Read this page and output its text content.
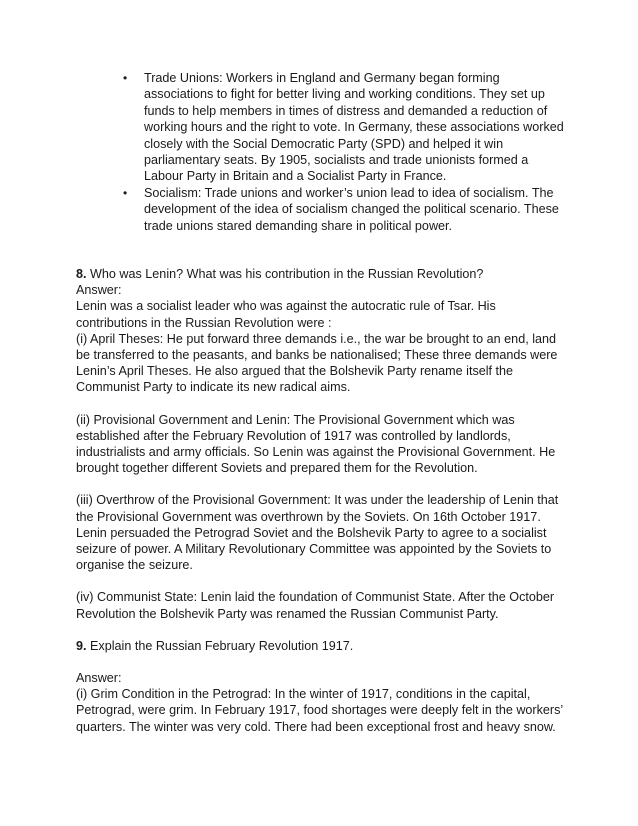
• Trade Unions: Workers in England and Germany began forming associations to fight for better living and working conditions. They set up funds to help members in times of distress and demanded a reduction of working hours and the right to vote. In Germany, these associations worked closely with the Social Democratic Party (SPD) and helped it win parliamentary seats. By 1905, socialists and trade unionists formed a Labour Party in Britain and a Socialist Party in France.
• Socialism: Trade unions and worker’s union lead to idea of socialism. The development of the idea of socialism changed the political scenario. These trade unions stared demanding share in political power.

8. Who was Lenin? What was his contribution in the Russian Revolution?

Answer:

Lenin was a socialist leader who was against the autocratic rule of Tsar. His contributions in the Russian Revolution were :

(i) April Theses: He put forward three demands i.e., the war be brought to an end, land be transferred to the peasants, and banks be nationalised; These three demands were Lenin’s April Theses. He also argued that the Bolshevik Party rename itself the Communist Party to indicate its new radical aims.

(ii) Provisional Government and Lenin: The Provisional Government which was established after the February Revolution of 1917 was controlled by landlords, industrialists and army officials. So Lenin was against the Provisional Government. He brought together different Soviets and prepared them for the Revolution.

(iii) Overthrow of the Provisional Government: It was under the leadership of Lenin that the Provisional Government was overthrown by the Soviets. On 16th October 1917. Lenin persuaded the Petrograd Soviet and the Bolshevik Party to agree to a socialist seizure of power. A Military Revolutionary Committee was appointed by the Soviets to organise the seizure.

(iv) Communist State: Lenin laid the foundation of Communist State. After the October Revolution the Bolshevik Party was renamed the Russian Communist Party.

9. Explain the Russian February Revolution 1917.

Answer:

(i) Grim Condition in the Petrograd: In the winter of 1917, conditions in the capital, Petrograd, were grim. In February 1917, food shortages were deeply felt in the workers’ quarters. The winter was very cold. There had been exceptional frost and heavy snow.
